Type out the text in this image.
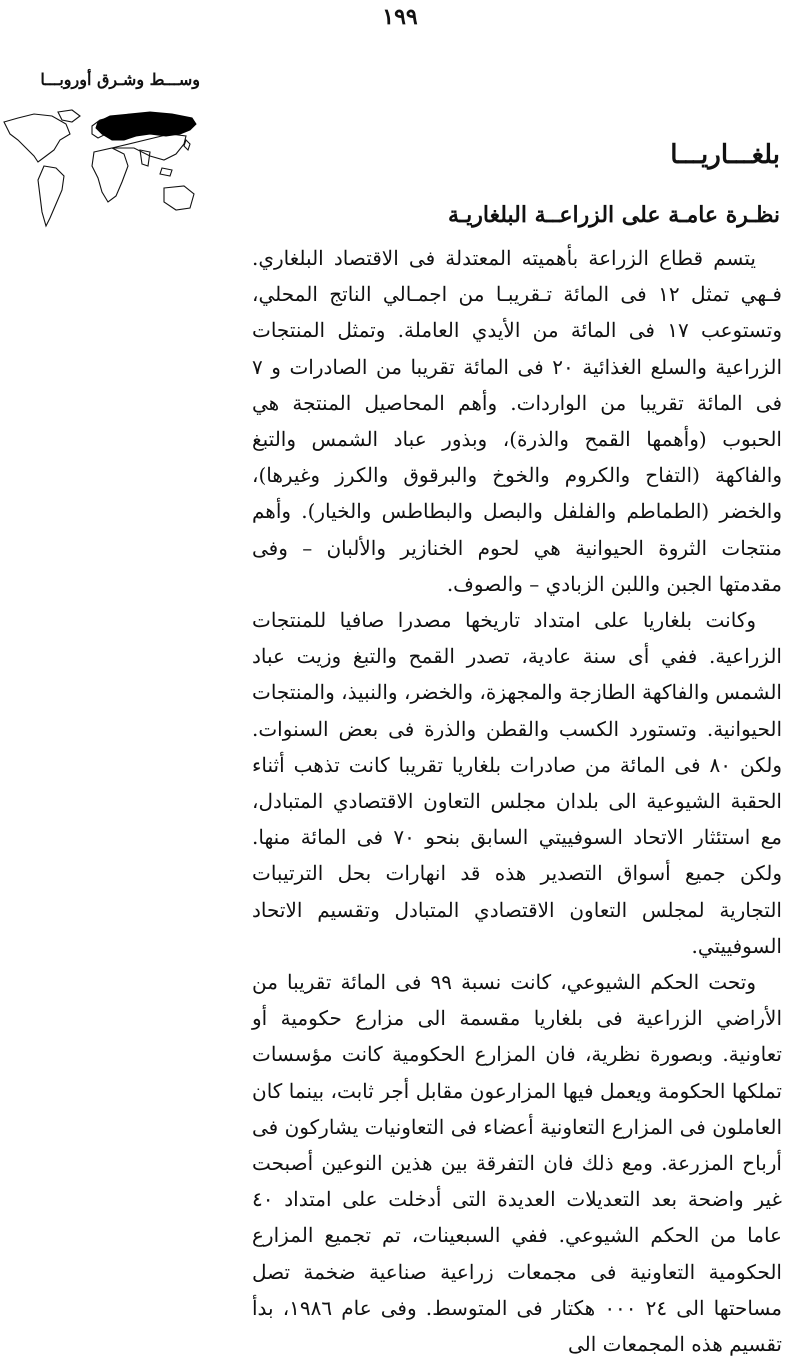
١٩٩
وســـط وشـرق أوروبـــا
بلغـــاريـــا
نظـرة عامـة على الزراعــة البلغاريـة

يتسم قطاع الزراعة بأهميته المعتدلة فى الاقتصاد البلغاري. فـهي تمثل ١٢ فى المائة تـقريبـا من اجمـالي الناتج المحلي، وتستوعب ١٧ فى المائة من الأيدي العاملة. وتمثل المنتجات الزراعية والسلع الغذائية ٢٠ فى المائة تقريبا من الصادرات و ٧ فى المائة تقريبا من الواردات. وأهم المحاصيل المنتجة هي الحبوب (وأهمها القمح والذرة)، وبذور عباد الشمس والتبغ والفاكهة (التفاح والكروم والخوخ والبرقوق والكرز وغيرها)، والخضر (الطماطم والفلفل والبصل والبطاطس والخيار). وأهم منتجات الثروة الحيوانية هي لحوم الخنازير والألبان – وفى مقدمتها الجبن واللبن الزبادي – والصوف.

وكانت بلغاريا على امتداد تاريخها مصدرا صافيا للمنتجات الزراعية. ففي أى سنة عادية، تصدر القمح والتبغ وزيت عباد الشمس والفاكهة الطازجة والمجهزة، والخضر، والنبيذ، والمنتجات الحيوانية. وتستورد الكسب والقطن والذرة فى بعض السنوات. ولكن ٨٠ فى المائة من صادرات بلغاريا تقريبا كانت تذهب أثناء الحقبة الشيوعية الى بلدان مجلس التعاون الاقتصادي المتبادل، مع استئثار الاتحاد السوفييتي السابق بنحو ٧٠ فى المائة منها. ولكن جميع أسواق التصدير هذه قد انهارات بحل الترتيبات التجارية لمجلس التعاون الاقتصادي المتبادل وتقسيم الاتحاد السوفييتي.

وتحت الحكم الشيوعي، كانت نسبة ٩٩ فى المائة تقريبا من الأراضي الزراعية فى بلغاريا مقسمة الى مزارع حكومية أو تعاونية. وبصورة نظرية، فان المزارع الحكومية كانت مؤسسات تملكها الحكومة ويعمل فيها المزارعون مقابل أجر ثابت، بينما كان العاملون فى المزارع التعاونية أعضاء فى التعاونيات يشاركون فى أرباح المزرعة. ومع ذلك فان التفرقة بين هذين النوعين أصبحت غير واضحة بعد التعديلات العديدة التى أدخلت على امتداد ٤٠ عاما من الحكم الشيوعي. ففي السبعينات، تم تجميع المزارع الحكومية التعاونية فى مجمعات زراعية صناعية ضخمة تصل مساحتها الى ٢٤ ٠٠٠ هكتار فى المتوسط. وفى عام ١٩٨٦، بدأ تقسيم هذه المجمعات الى
